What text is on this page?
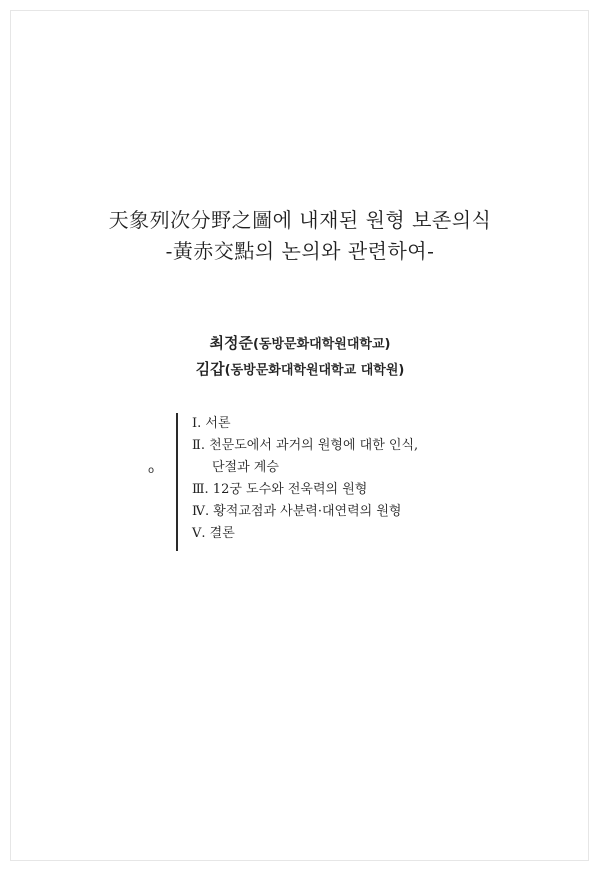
天象列次分野之圖에 내재된 원형 보존의식
-黃赤交點의 논의와 관련하여-
최정준(동방문화대학원대학교)
김갑(동방문화대학원대학교 대학원)
o
Ⅰ. 서론
Ⅱ. 천문도에서 과거의 원형에 대한 인식,
단절과 계승
Ⅲ. 12궁 도수와 전욱력의 원형
Ⅳ. 황적교점과 사분력·대연력의 원형
Ⅴ. 결론
